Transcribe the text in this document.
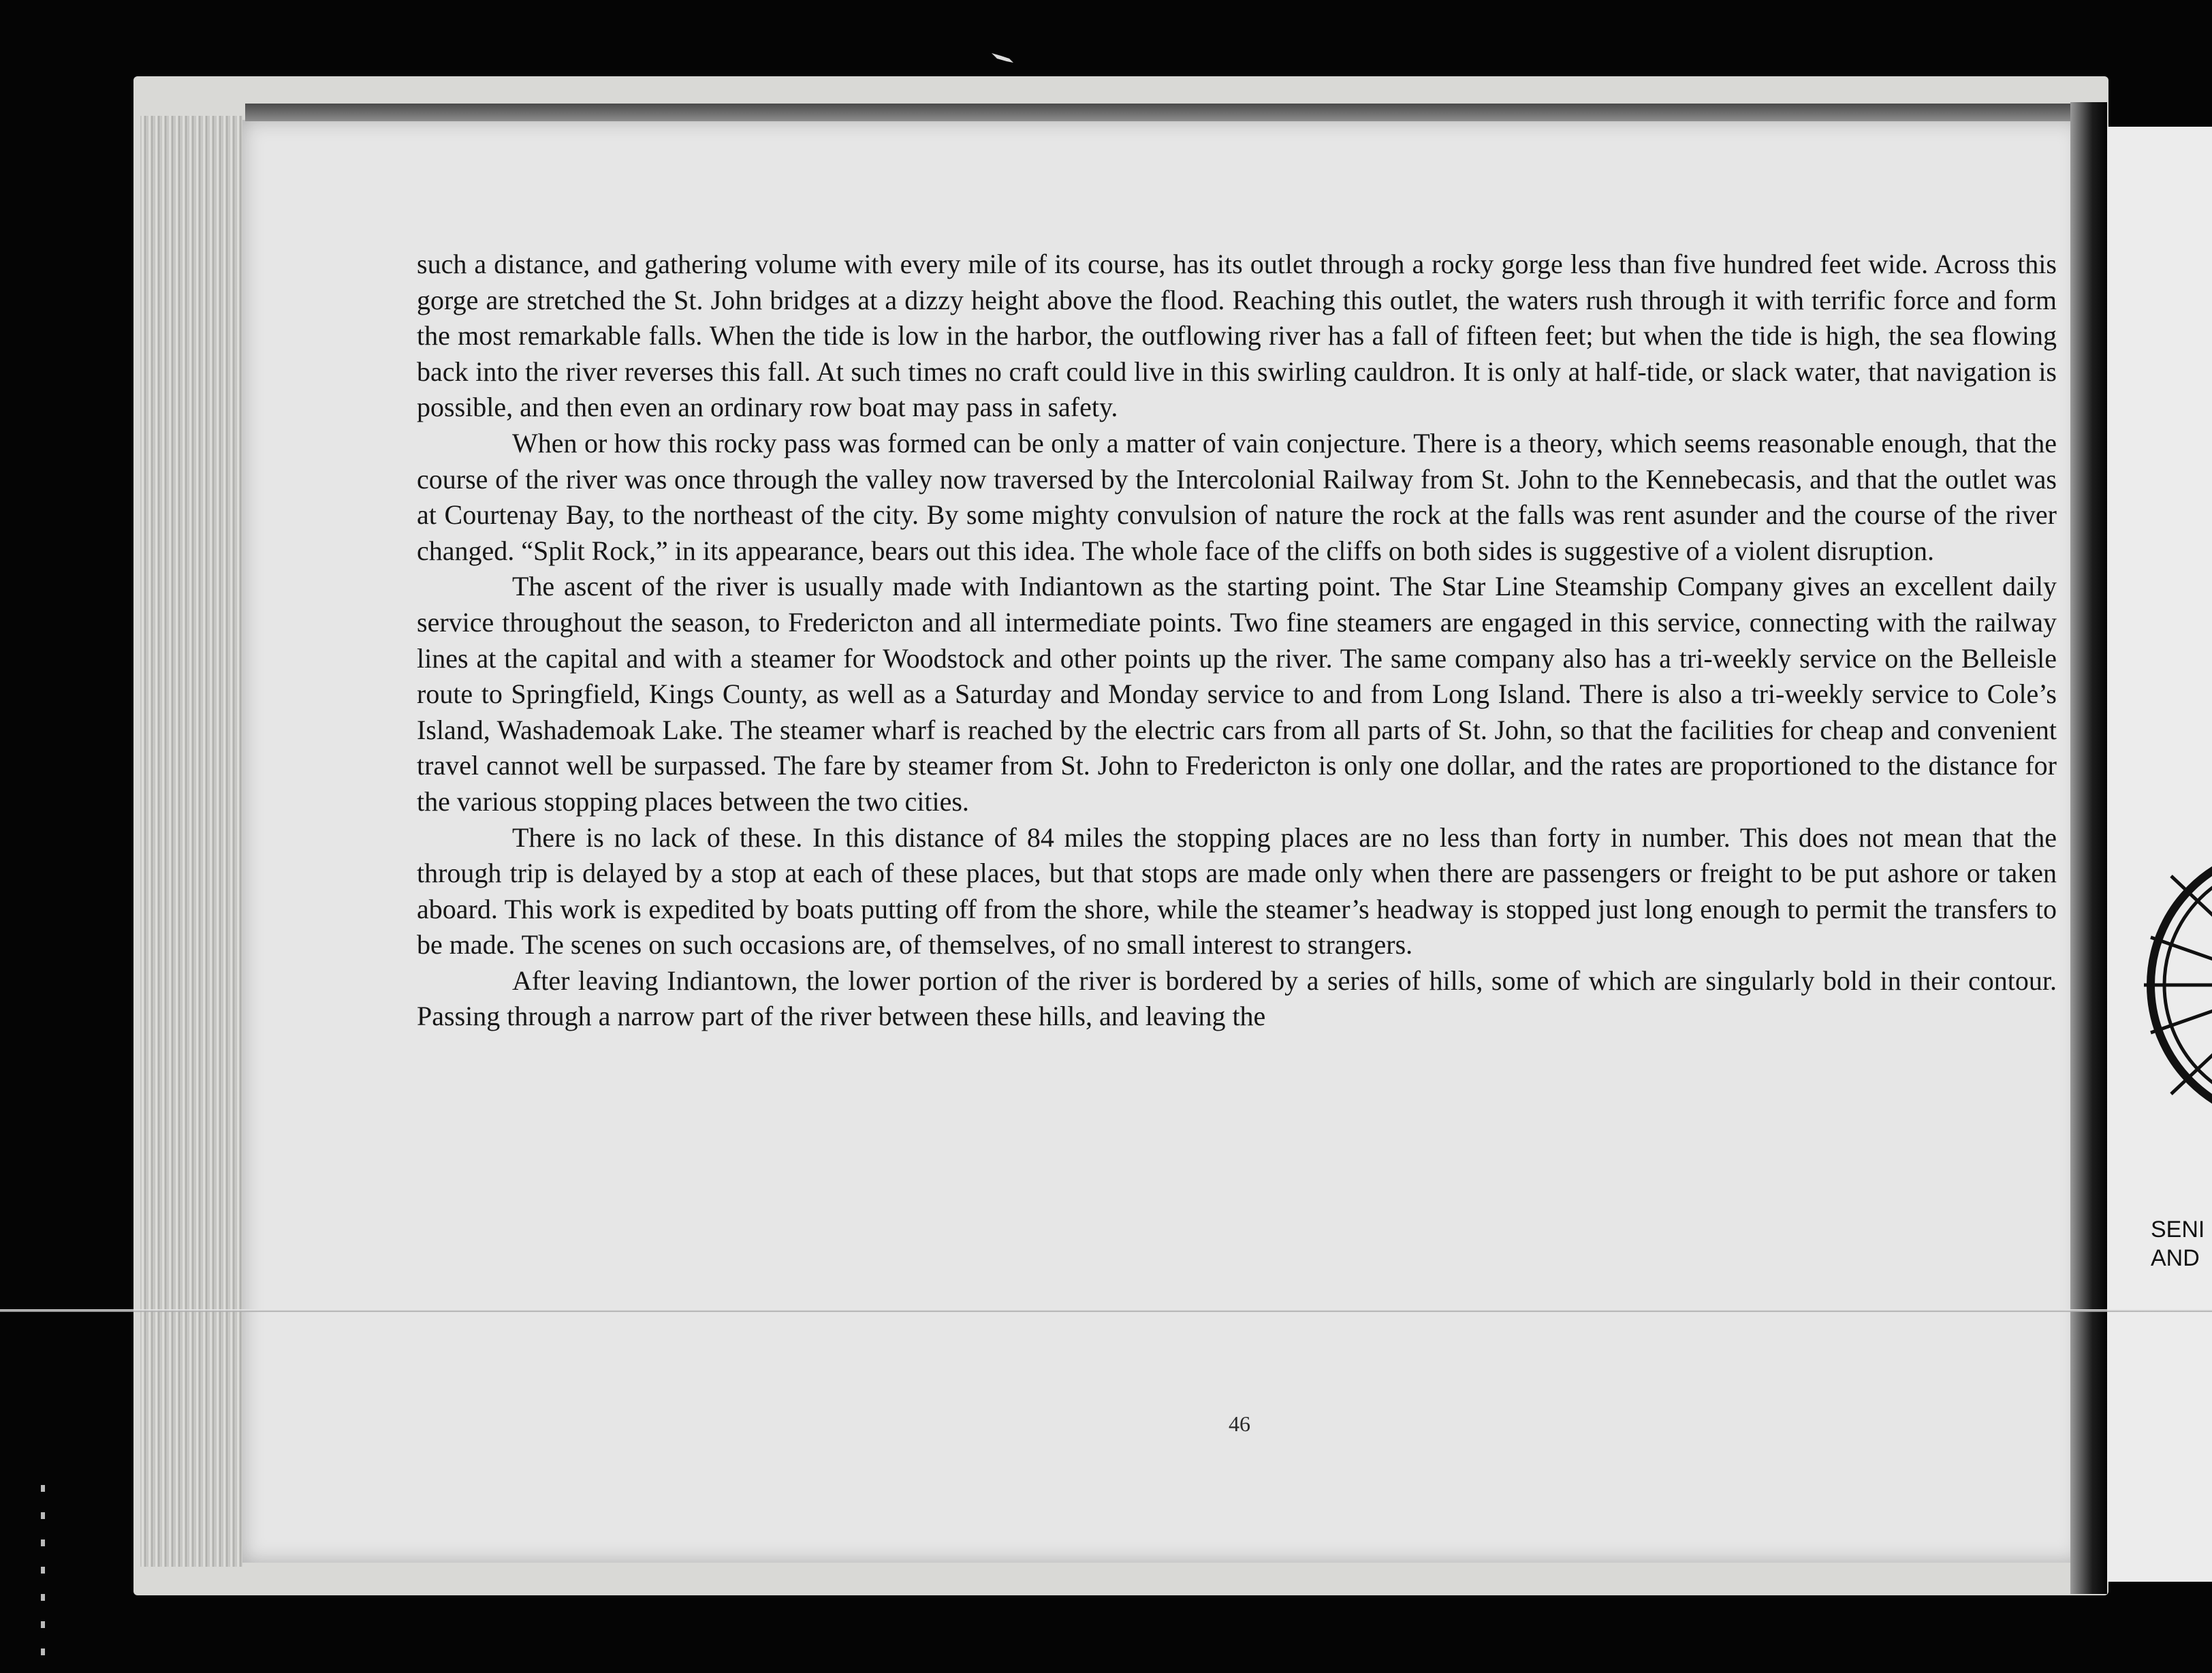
such a distance, and gathering volume with every mile of its course, has its outlet through a rocky gorge less than five hundred feet wide. Across this gorge are stretched the St. John bridges at a dizzy height above the flood. Reaching this outlet, the waters rush through it with terrific force and form the most remarkable falls. When the tide is low in the harbor, the outflowing river has a fall of fifteen feet; but when the tide is high, the sea flowing back into the river reverses this fall. At such times no craft could live in this swirling cauldron. It is only at half-tide, or slack water, that navigation is possible, and then even an ordinary row boat may pass in safety.

When or how this rocky pass was formed can be only a matter of vain conjecture. There is a theory, which seems reasonable enough, that the course of the river was once through the valley now traversed by the Intercolonial Railway from St. John to the Kennebecasis, and that the outlet was at Courtenay Bay, to the northeast of the city. By some mighty convulsion of nature the rock at the falls was rent asunder and the course of the river changed. “Split Rock,” in its appearance, bears out this idea. The whole face of the cliffs on both sides is suggestive of a violent disruption.

The ascent of the river is usually made with Indiantown as the starting point. The Star Line Steamship Company gives an excellent daily service throughout the season, to Fredericton and all intermediate points. Two fine steamers are engaged in this service, connecting with the railway lines at the capital and with a steamer for Woodstock and other points up the river. The same company also has a tri-weekly service on the Belleisle route to Springfield, Kings County, as well as a Saturday and Monday service to and from Long Island. There is also a tri-weekly service to Cole’s Island, Washademoak Lake. The steamer wharf is reached by the electric cars from all parts of St. John, so that the facilities for cheap and convenient travel cannot well be surpassed. The fare by steamer from St. John to Fredericton is only one dollar, and the rates are proportioned to the distance for the various stopping places between the two cities.

There is no lack of these. In this distance of 84 miles the stopping places are no less than forty in number. This does not mean that the through trip is delayed by a stop at each of these places, but that stops are made only when there are passengers or freight to be put ashore or taken aboard. This work is expedited by boats putting off from the shore, while the steamer’s headway is stopped just long enough to permit the transfers to be made. The scenes on such occasions are, of themselves, of no small interest to strangers.

After leaving Indiantown, the lower portion of the river is bordered by a series of hills, some of which are singularly bold in their contour. Passing through a narrow part of the river between these hills, and leaving the

46
SENI
AND
